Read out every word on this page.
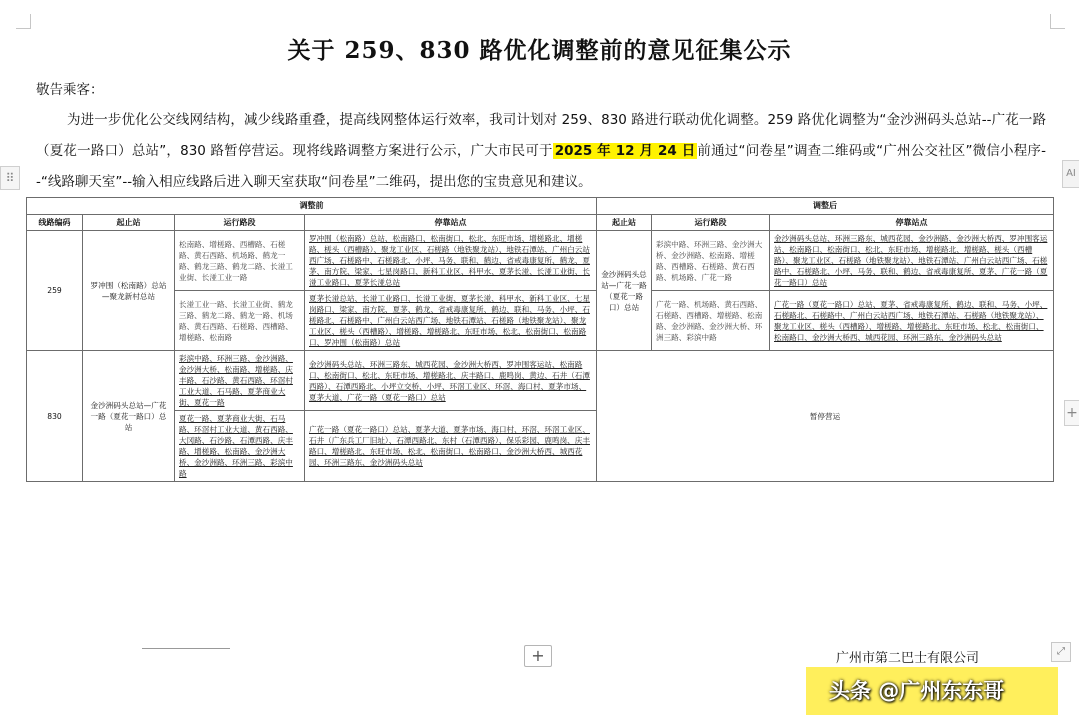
关于 259、830 路优化调整前的意见征集公示
敬告乘客：
为进一步优化公交线网结构，减少线路重叠，提高线网整体运行效率，我司计划对 259、830 路进行联动优化调整。259 路优化调整为“金沙洲码头总站--广花一路（夏花一路口）总站”，830 路暂停营运。现将线路调整方案进行公示，广大市民可于 2025 年 12 月 24 日 前通过“问卷星”调查二维码或“广州公交社区”微信小程序--“线路聊天室”--输入相应线路后进入聊天室获取“问卷星”二维码，提出您的宝贵意见和建议。
⠿	AI
+
调整前				调整后		
线路编码	起止站	运行路段	停靠站点	起止站	运行路段	停靠站点
259	罗冲围（松南路）总站—聚龙新村总站	松南路、增槎路、西槽路、石槎路、黄石西路、机场路、鹤龙一路、鹤龙三路、鹤龙二路、长湴工业街、长湴工业一路	罗冲围（松南路）总站、松南路口、松南街口、松北、东旺市场、增槎路北、增槎路、槎头（西槽路）、聚龙工业区、石槎路（地铁聚龙站）、地铁石潭站、广州白云站西广场、石槎路中、石槎路北、小坪、马务、联和、鹤边、省戒毒康复所、鹤龙、夏茅、南方院、梁家、七星岗路口、新科工业区、科甲水、夏茅长湴、长湴工业街、长湴工业路口、夏茅长湴总站	金沙洲码头总站—广花一路（夏花一路口）总站	彩滨中路、环洲三路、金沙洲大桥、金沙洲路、松南路、增槎路、西槽路、石槎路、黄石西路、机场路、广花一路	金沙洲码头总站、环洲三路东、城西花园、金沙洲路、金沙洲大桥西、罗冲围客运站、松南路口、松南街口、松北、东旺市场、增槎路北、增槎路、槎头（西槽路）、聚龙工业区、石槎路（地铁聚龙站）、地铁石潭站、广州白云站西广场、石槎路中、石槎路北、小坪、马务、联和、鹤边、省戒毒康复所、夏茅、广花一路（夏花一路口）总站
		长湴工业一路、长湴工业街、鹤龙三路、鹤龙二路、鹤龙一路、机场路、黄石西路、石槎路、西槽路、增槎路、松南路	夏茅长湴总站、长湴工业路口、长湴工业街、夏茅长湴、科甲水、新科工业区、七星岗路口、梁家、南方院、夏茅、鹤龙、省戒毒康复所、鹤边、联和、马务、小坪、石槎路北、石槎路中、广州白云站西广场、地铁石潭站、石槎路（地铁聚龙站）、聚龙工业区、槎头（西槽路）、增槎路、增槎路北、东旺市场、松北、松南街口、松南路口、罗冲围（松南路）总站		广花一路、机场路、黄石西路、石槎路、西槽路、增槎路、松南路、金沙洲路、金沙洲大桥、环洲三路、彩滨中路	广花一路（夏花一路口）总站、夏茅、省戒毒康复所、鹤边、联和、马务、小坪、石槎路北、石槎路中、广州白云站西广场、地铁石潭站、石槎路（地铁聚龙站）、聚龙工业区、槎头（西槽路）、增槎路、增槎路北、东旺市场、松北、松南街口、松南路口、金沙洲大桥西、城西花园、环洲三路东、金沙洲码头总站
830	金沙洲码头总站—广花一路（夏花一路口）总站	彩滨中路、环洲三路、金沙洲路、金沙洲大桥、松南路、增槎路、庆丰路、石沙路、黄石西路、环滘村工业大道、石马路、夏茅商业大街、夏花一路	金沙洲码头总站、环洲三路东、城西花园、金沙洲大桥西、罗冲围客运站、松南路口、松南街口、松北、东旺市场、增槎路北、庆丰路口、鹿鸣岗、黄边、石井（石潭西路）、石潭西路北、小坪立交桥、小坪、环滘工业区、环滘、海口村、夏茅市场、夏茅大道、广花一路（夏花一路口）总站	暂停营运		
		夏花一路、夏茅商业大街、石马路、环滘村工业大道、黄石西路、大冈路、石沙路、石潭西路、庆丰路、增槎路、松南路、金沙洲大桥、金沙洲路、环洲三路、彩滨中路	广花一路（夏花一路口）总站、夏茅大道、夏茅市场、海口村、环滘、环滘工业区、石井（广东兵工厂旧址）、石潭西路北、东村（石潭西路）、保乐彩园、鹿鸣岗、庆丰路口、增槎路北、东旺市场、松北、松南街口、松南路口、金沙洲大桥西、城西花园、环洲三路东、金沙洲码头总站			
+	⤢
广州市第二巴士有限公司
头条 @广州东东哥
